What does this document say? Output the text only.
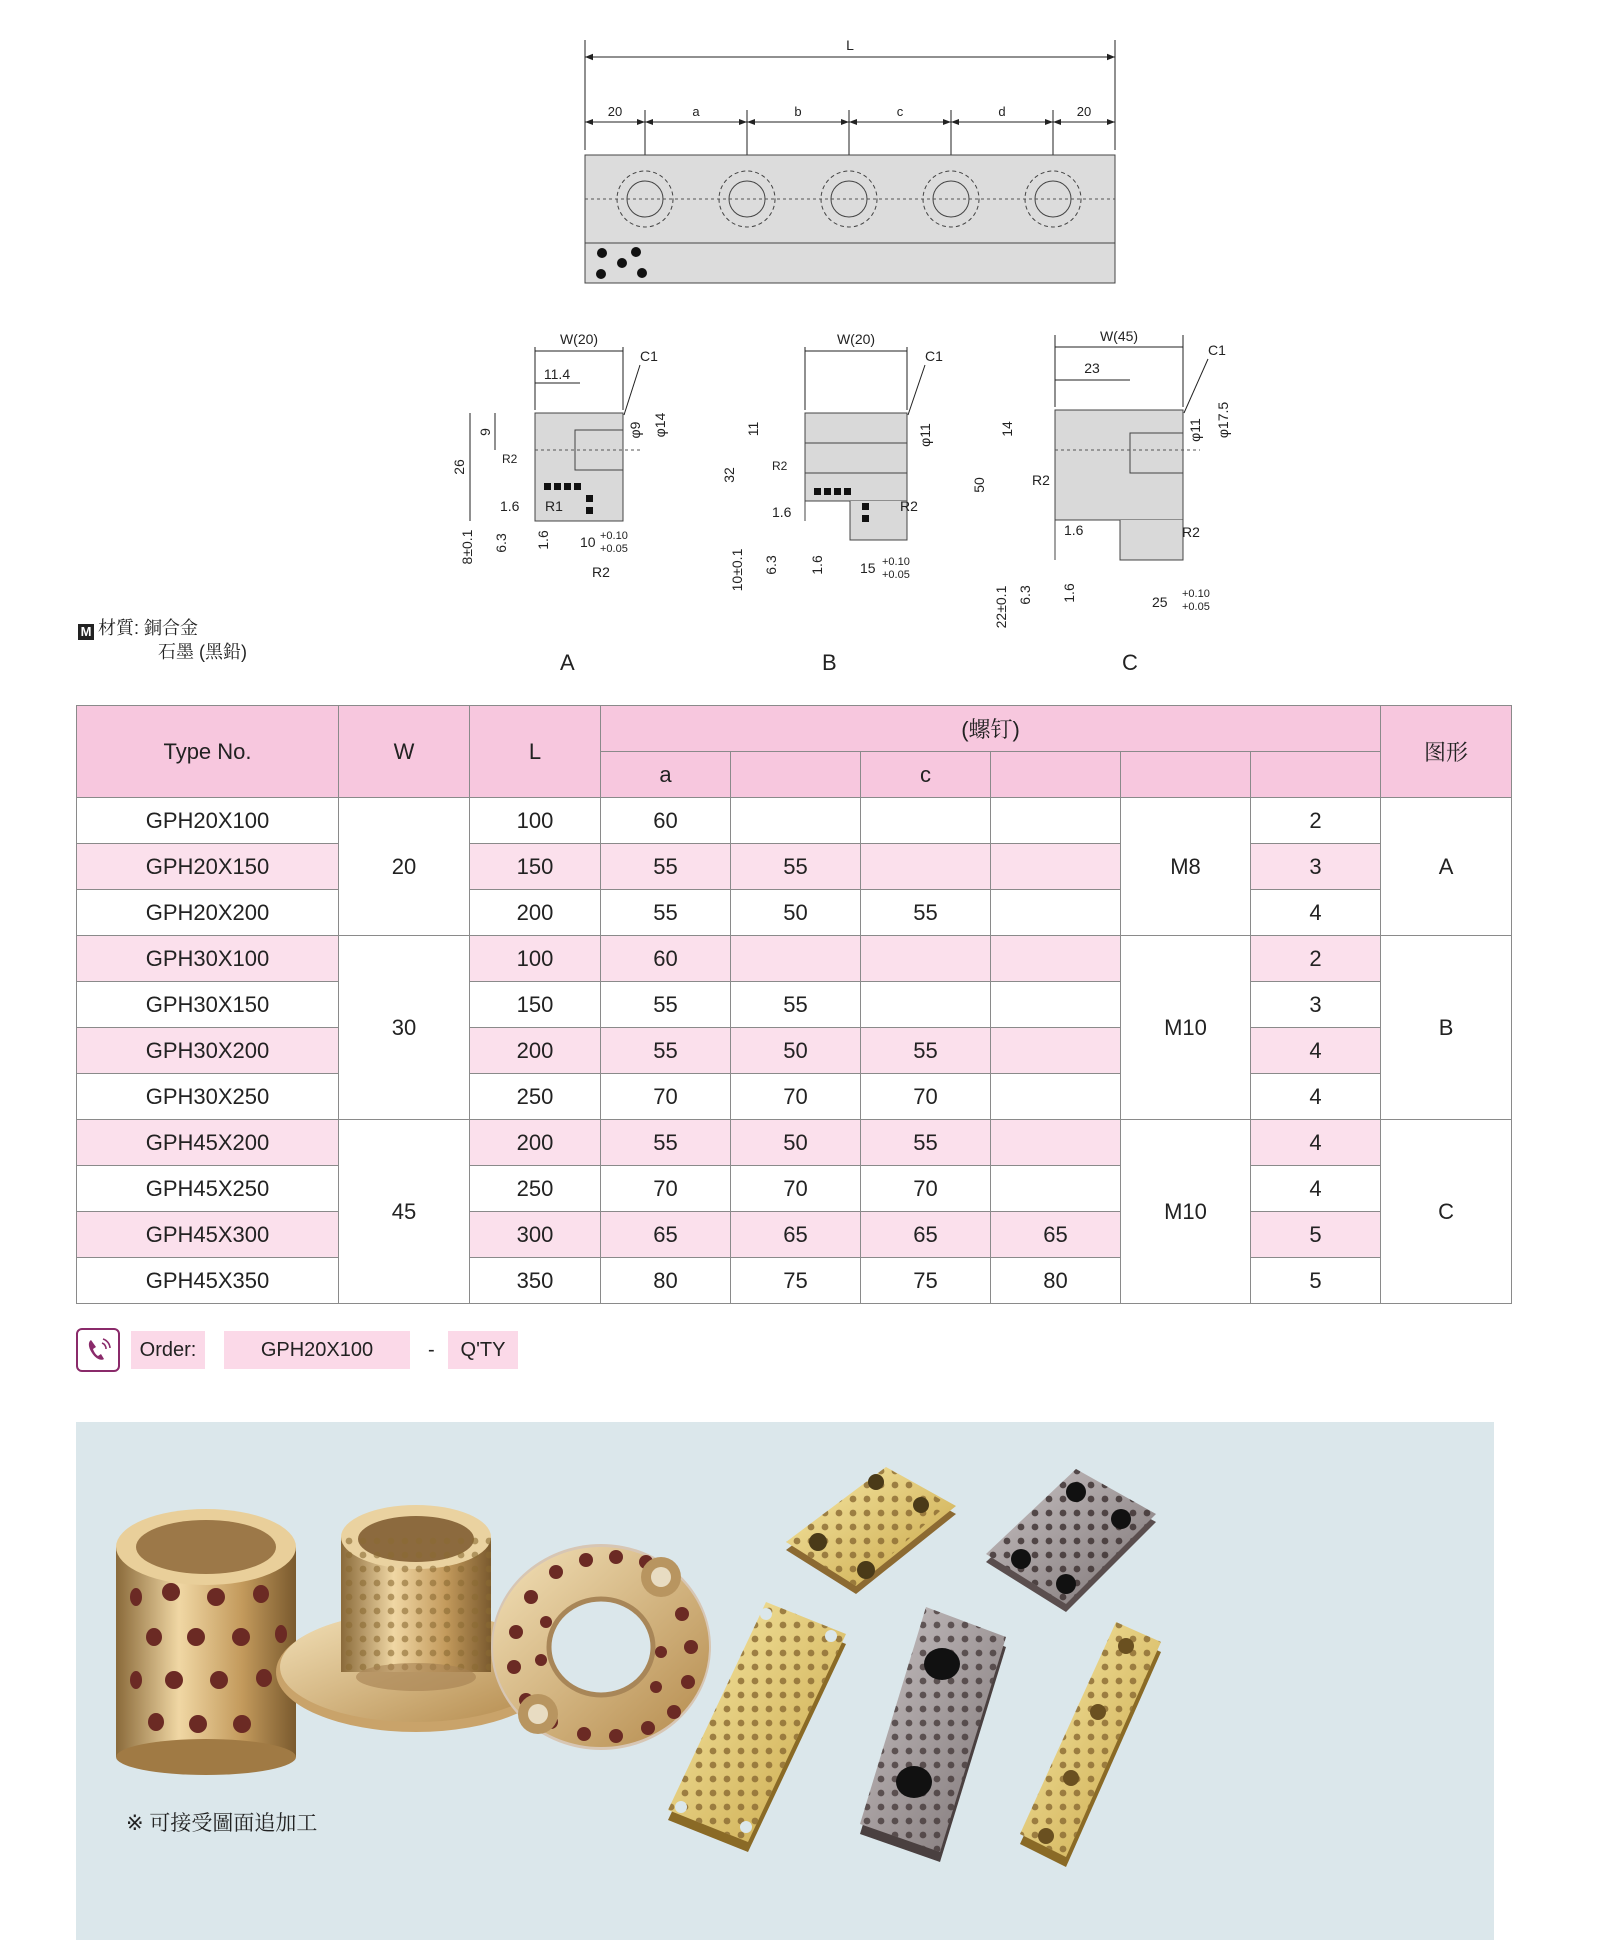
L
20	a	b	c	d	20
W(20)
11.4
C1
φ9 φ14
26
9
R2
R1
1.6
8±0.1 6.3 1.6 10 +0.10
+0.05
R2
A
W(20)
C1
φ11
11
32
R2
1.6	R2
10±0.1 6.3 1.6	15 +0.10
+0.05
B
W(45)
23
C1
φ11 φ17.5
14
50	R2
1.6	R2
22±0.1 6.3 1.6	25 +0.10
+0.05
C
M 材質: 銅合金
石墨 (黑鉛)
Type No.	W	L	(螺钉)						图形
			a		c				
GPH20X100	20	100	60				M8	2	A
GPH20X150		150	55	55				3	
GPH20X200		200	55	50	55			4	
GPH30X100	30	100	60				M10	2	B
GPH30X150		150	55	55				3	
GPH30X200		200	55	50	55			4	
GPH30X250		250	70	70	70			4	
GPH45X200	45	200	55	50	55		M10	4	C
GPH45X250		250	70	70	70			4	
GPH45X300		300	65	65	65	65		5	
GPH45X350		350	80	75	75	80		5	
Order:	GPH20X100	-	Q'TY
※ 可接受圖面追加工
